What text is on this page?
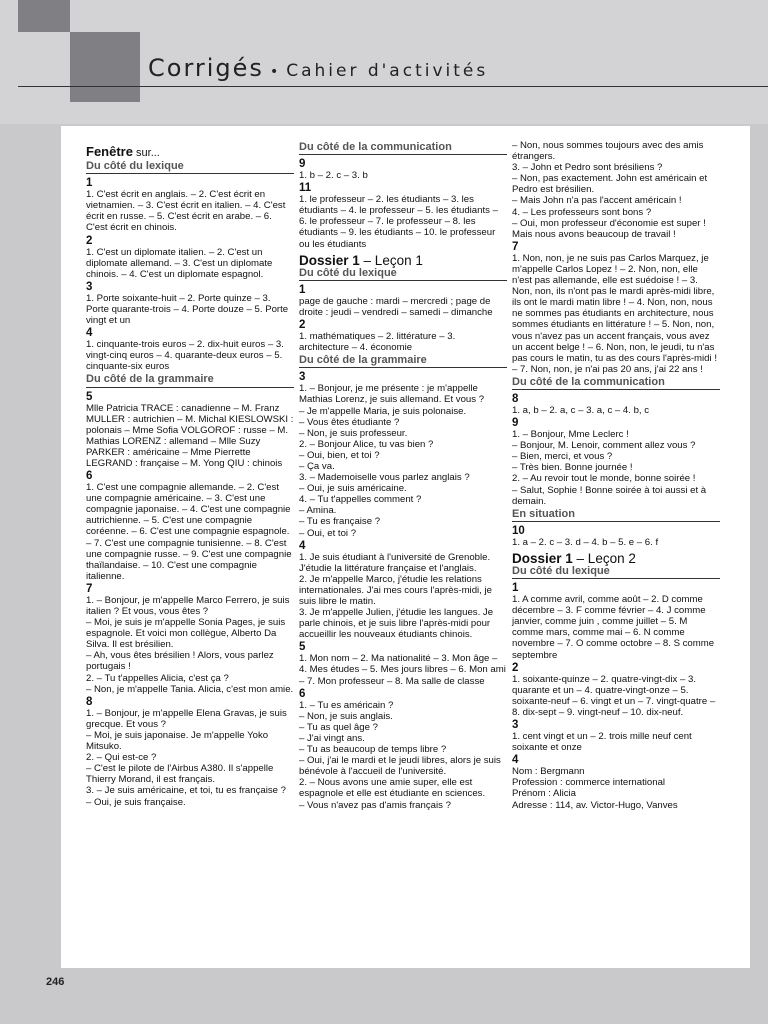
Corrigés • Cahier d'activités

Fenêtre sur...

Du côté du lexique

1

1. C'est écrit en anglais. – 2. C'est écrit en vietnamien. – 3. C'est écrit en italien. – 4. C'est écrit en russe. – 5. C'est écrit en arabe. – 6. C'est écrit en chinois.

2

1. C'est un diplomate italien. – 2. C'est un diplomate allemand. – 3. C'est un diplomate chinois. – 4. C'est un diplomate espagnol.

3

1. Porte soixante-huit – 2. Porte quinze – 3. Porte quarante-trois – 4. Porte douze – 5. Porte vingt et un

4

1. cinquante-trois euros – 2. dix-huit euros – 3. vingt-cinq euros – 4. quarante-deux euros – 5. cinquante-six euros

Du côté de la grammaire

5

Mlle Patricia TRACE : canadienne – M. Franz MULLER : autrichien – M. Michal KIESLOWSKI : polonais – Mme Sofia VOLGOROF : russe – M. Mathias LORENZ : allemand – Mlle Suzy PARKER : américaine – Mme Pierrette LEGRAND : française – M. Yong QIU : chinois

6

1. C'est une compagnie allemande. – 2. C'est une compagnie américaine. – 3. C'est une compagnie japonaise. – 4. C'est une compagnie autrichienne. – 5. C'est une compagnie coréenne. – 6. C'est une compagnie espagnole. – 7. C'est une compagnie tunisienne. – 8. C'est une compagnie russe. – 9. C'est une compagnie thaïlandaise. – 10. C'est une compagnie italienne.

7

1. – Bonjour, je m'appelle Marco Ferrero, je suis italien ? Et vous, vous êtes ?

– Moi, je suis je m'appelle Sonia Pages, je suis espagnole. Et voici mon collègue, Alberto Da Silva. Il est brésilien.

– Ah, vous êtes brésilien ! Alors, vous parlez portugais !

2. – Tu t'appelles Alicia, c'est ça ?

– Non, je m'appelle Tania. Alicia, c'est mon amie.

8

1. – Bonjour, je m'appelle Elena Gravas, je suis grecque. Et vous ?

– Moi, je suis japonaise. Je m'appelle Yoko Mitsuko.

2. – Qui est-ce ?

– C'est le pilote de l'Airbus A380. Il s'appelle Thierry Morand, il est français.

3. – Je suis américaine, et toi, tu es française ?

– Oui, je suis française.

Du côté de la communication

9

1. b – 2. c – 3. b

11

1. le professeur – 2. les étudiants – 3. les étudiants – 4. le professeur – 5. les étudiants – 6. le professeur – 7. le professeur – 8. les étudiants – 9. les étudiants – 10. le professeur ou les étudiants

Dossier 1 – Leçon 1

Du côté du lexique

1

page de gauche : mardi – mercredi ; page de droite : jeudi – vendredi – samedi – dimanche

2

1. mathématiques – 2. littérature – 3. architecture – 4. économie

Du côté de la grammaire

3

1. – Bonjour, je me présente : je m'appelle Mathias Lorenz, je suis allemand. Et vous ?

– Je m'appelle Maria, je suis polonaise.

– Vous êtes étudiante ?

– Non, je suis professeur.

2. – Bonjour Alice, tu vas bien ?

– Oui, bien, et toi ?

– Ça va.

3. – Mademoiselle vous parlez anglais ?

– Oui, je suis américaine.

4. – Tu t'appelles comment ?

– Amina.

– Tu es française ?

– Oui, et toi ?

4

1. Je suis étudiant à l'université de Grenoble. J'étudie la littérature française et l'anglais.

2. Je m'appelle Marco, j'étudie les relations internationales. J'ai mes cours l'après-midi, je suis libre le matin.

3. Je m'appelle Julien, j'étudie les langues. Je parle chinois, et je suis libre l'après-midi pour accueillir les nouveaux étudiants chinois.

5

1. Mon nom – 2. Ma nationalité – 3. Mon âge – 4. Mes études – 5. Mes jours libres – 6. Mon ami – 7. Mon professeur – 8. Ma salle de classe

6

1. – Tu es américain ?

– Non, je suis anglais.

– Tu as quel âge ?

– J'ai vingt ans.

– Tu as beaucoup de temps libre ?

– Oui, j'ai le mardi et le jeudi libres, alors je suis bénévole à l'accueil de l'université.

2. – Nous avons une amie super, elle est espagnole et elle est étudiante en sciences.

– Vous n'avez pas d'amis français ?

– Non, nous sommes toujours avec des amis étrangers.

3. – John et Pedro sont brésiliens ?

– Non, pas exactement. John est américain et Pedro est brésilien.

– Mais John n'a pas l'accent américain !

4. – Les professeurs sont bons ?

– Oui, mon professeur d'économie est super ! Mais nous avons beaucoup de travail !

7

1. Non, non, je ne suis pas Carlos Marquez, je m'appelle Carlos Lopez ! – 2. Non, non, elle n'est pas allemande, elle est suédoise ! – 3. Non, non, ils n'ont pas le mardi après-midi libre, ils ont le mardi matin libre ! – 4. Non, non, nous ne sommes pas étudiants en architecture, nous sommes étudiants en littérature ! – 5. Non, non, vous n'avez pas un accent français, vous avez un accent belge ! – 6. Non, non, le jeudi, tu n'as pas cours le matin, tu as des cours l'après-midi ! – 7. Non, non, je n'ai pas 20 ans, j'ai 22 ans !

Du côté de la communication

8

1. a, b – 2. a, c – 3. a, c – 4. b, c

9

1. – Bonjour, Mme Leclerc !

– Bonjour, M. Lenoir, comment allez vous ?

– Bien, merci, et vous ?

– Très bien. Bonne journée !

2. – Au revoir tout le monde, bonne soirée !

– Salut, Sophie ! Bonne soirée à toi aussi et à demain.

En situation

10

1. a – 2. c – 3. d – 4. b – 5. e – 6. f

Dossier 1 – Leçon 2

Du côté du lexique

1

1. A comme avril, comme août – 2. D comme décembre – 3. F comme février – 4. J comme janvier, comme juin , comme juillet – 5. M comme mars, comme mai – 6. N comme novembre – 7. O comme octobre – 8. S comme septembre

2

1. soixante-quinze – 2. quatre-vingt-dix – 3. quarante et un – 4. quatre-vingt-onze – 5. soixante-neuf – 6. vingt et un – 7. vingt-quatre – 8. dix-sept – 9. vingt-neuf – 10. dix-neuf.

3

1. cent vingt et un – 2. trois mille neuf cent soixante et onze

4

Nom : Bergmann

Profession : commerce international

Prénom : Alicia

Adresse : 114, av. Victor-Hugo, Vanves

246
